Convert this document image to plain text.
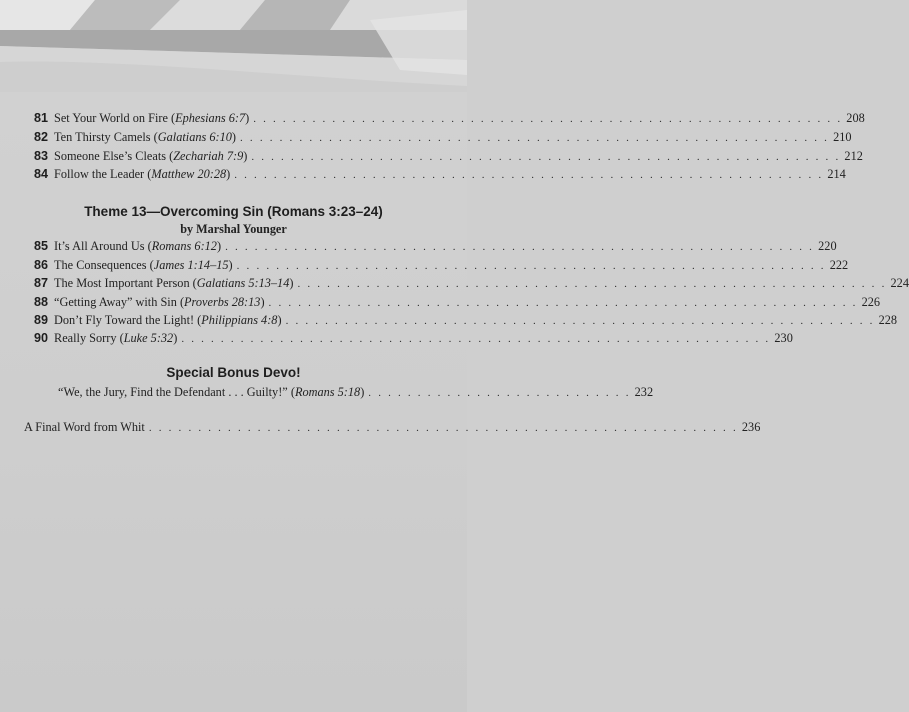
81 Set Your World on Fire (Ephesians 6:7) . . . . . . . . . . . . . . . . . . . . . . . . . . . . . . . . . . . . . . . . . . . . . . . . . . . . . . . . . . . . 208
82 Ten Thirsty Camels (Galatians 6:10) . . . . . . . . . . . . . . . . . . . . . . . . . . . . . . . . . . . . . . . . . . . . . . . . . . . . . . . . . . . . 210
83 Someone Else’s Cleats (Zechariah 7:9) . . . . . . . . . . . . . . . . . . . . . . . . . . . . . . . . . . . . . . . . . . . . . . . . . . . . . . . . . . . . 212
84 Follow the Leader (Matthew 20:28) . . . . . . . . . . . . . . . . . . . . . . . . . . . . . . . . . . . . . . . . . . . . . . . . . . . . . . . . . . . . 214
Theme 13—Overcoming Sin (Romans 3:23–24)
by Marshal Younger
85 It’s All Around Us (Romans 6:12) . . . . . . . . . . . . . . . . . . . . . . . . . . . . . . . . . . . . . . . . . . . . . . . . . . . . . . . . . . . . 220
86 The Consequences (James 1:14–15) . . . . . . . . . . . . . . . . . . . . . . . . . . . . . . . . . . . . . . . . . . . . . . . . . . . . . . . . . . . . 222
87 The Most Important Person (Galatians 5:13–14) . . . . . . . . . . . . . . . . . . . . . . . . . . . . . . . . . . . . . . . . . . . . . . . . . . . . . . . . . . . . 224
88 “Getting Away” with Sin (Proverbs 28:13) . . . . . . . . . . . . . . . . . . . . . . . . . . . . . . . . . . . . . . . . . . . . . . . . . . . . . . . . . . . . 226
89 Don’t Fly Toward the Light! (Philippians 4:8) . . . . . . . . . . . . . . . . . . . . . . . . . . . . . . . . . . . . . . . . . . . . . . . . . . . . . . . . . . . . 228
90 Really Sorry (Luke 5:32) . . . . . . . . . . . . . . . . . . . . . . . . . . . . . . . . . . . . . . . . . . . . . . . . . . . . . . . . . . . . 230
Special Bonus Devo!
“We, the Jury, Find the Defendant . . . Guilty!” (Romans 5:18) . . . . . . . . . . . . . . . . . . . . . . . . . . . 232
A Final Word from Whit . . . . . . . . . . . . . . . . . . . . . . . . . . . . . . . . . . . . . . . . . . . . . . . . . . . . . . . . . . . . 236
